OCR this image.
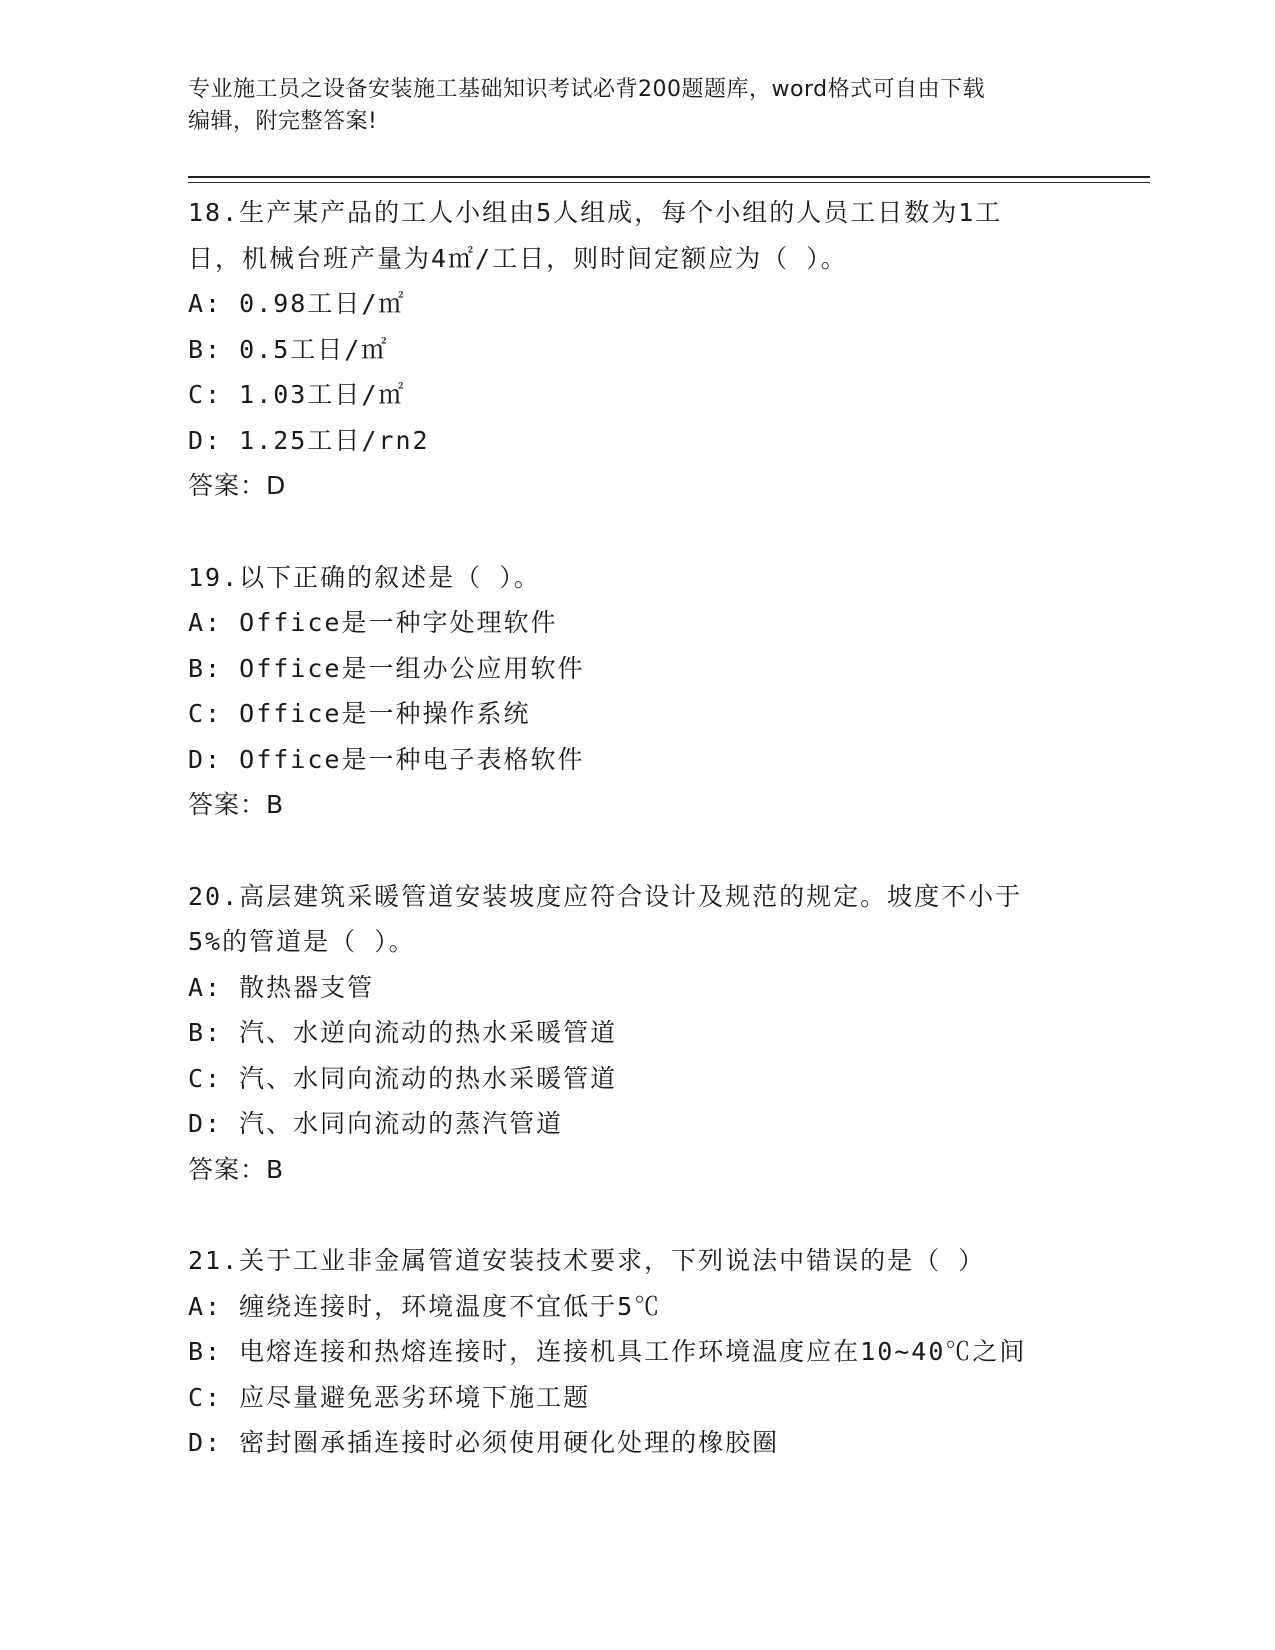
专业施工员之设备安装施工基础知识考试必背200题题库，word格式可自由下载
编辑，附完整答案!
18.生产某产品的工人小组由5人组成，每个小组的人员工日数为1工
日，机械台班产量为4㎡/工日，则时间定额应为（ ）。
A: 0.98工日/㎡
B: 0.5工日/㎡
C: 1.03工日/㎡
D: 1.25工日/rn2
答案：D
19.以下正确的叙述是（ ）。
A: Office是一种字处理软件
B: Office是一组办公应用软件
C: Office是一种操作系统
D: Office是一种电子表格软件
答案：B
20.高层建筑采暖管道安装坡度应符合设计及规范的规定。坡度不小于
5%的管道是（ ）。
A: 散热器支管
B: 汽、水逆向流动的热水采暖管道
C: 汽、水同向流动的热水采暖管道
D: 汽、水同向流动的蒸汽管道
答案：B
21.关于工业非金属管道安装技术要求，下列说法中错误的是（ ）
A: 缠绕连接时，环境温度不宜低于5℃
B: 电熔连接和热熔连接时，连接机具工作环境温度应在10~40℃之间
C: 应尽量避免恶劣环境下施工题
D: 密封圈承插连接时必须使用硬化处理的橡胶圈
